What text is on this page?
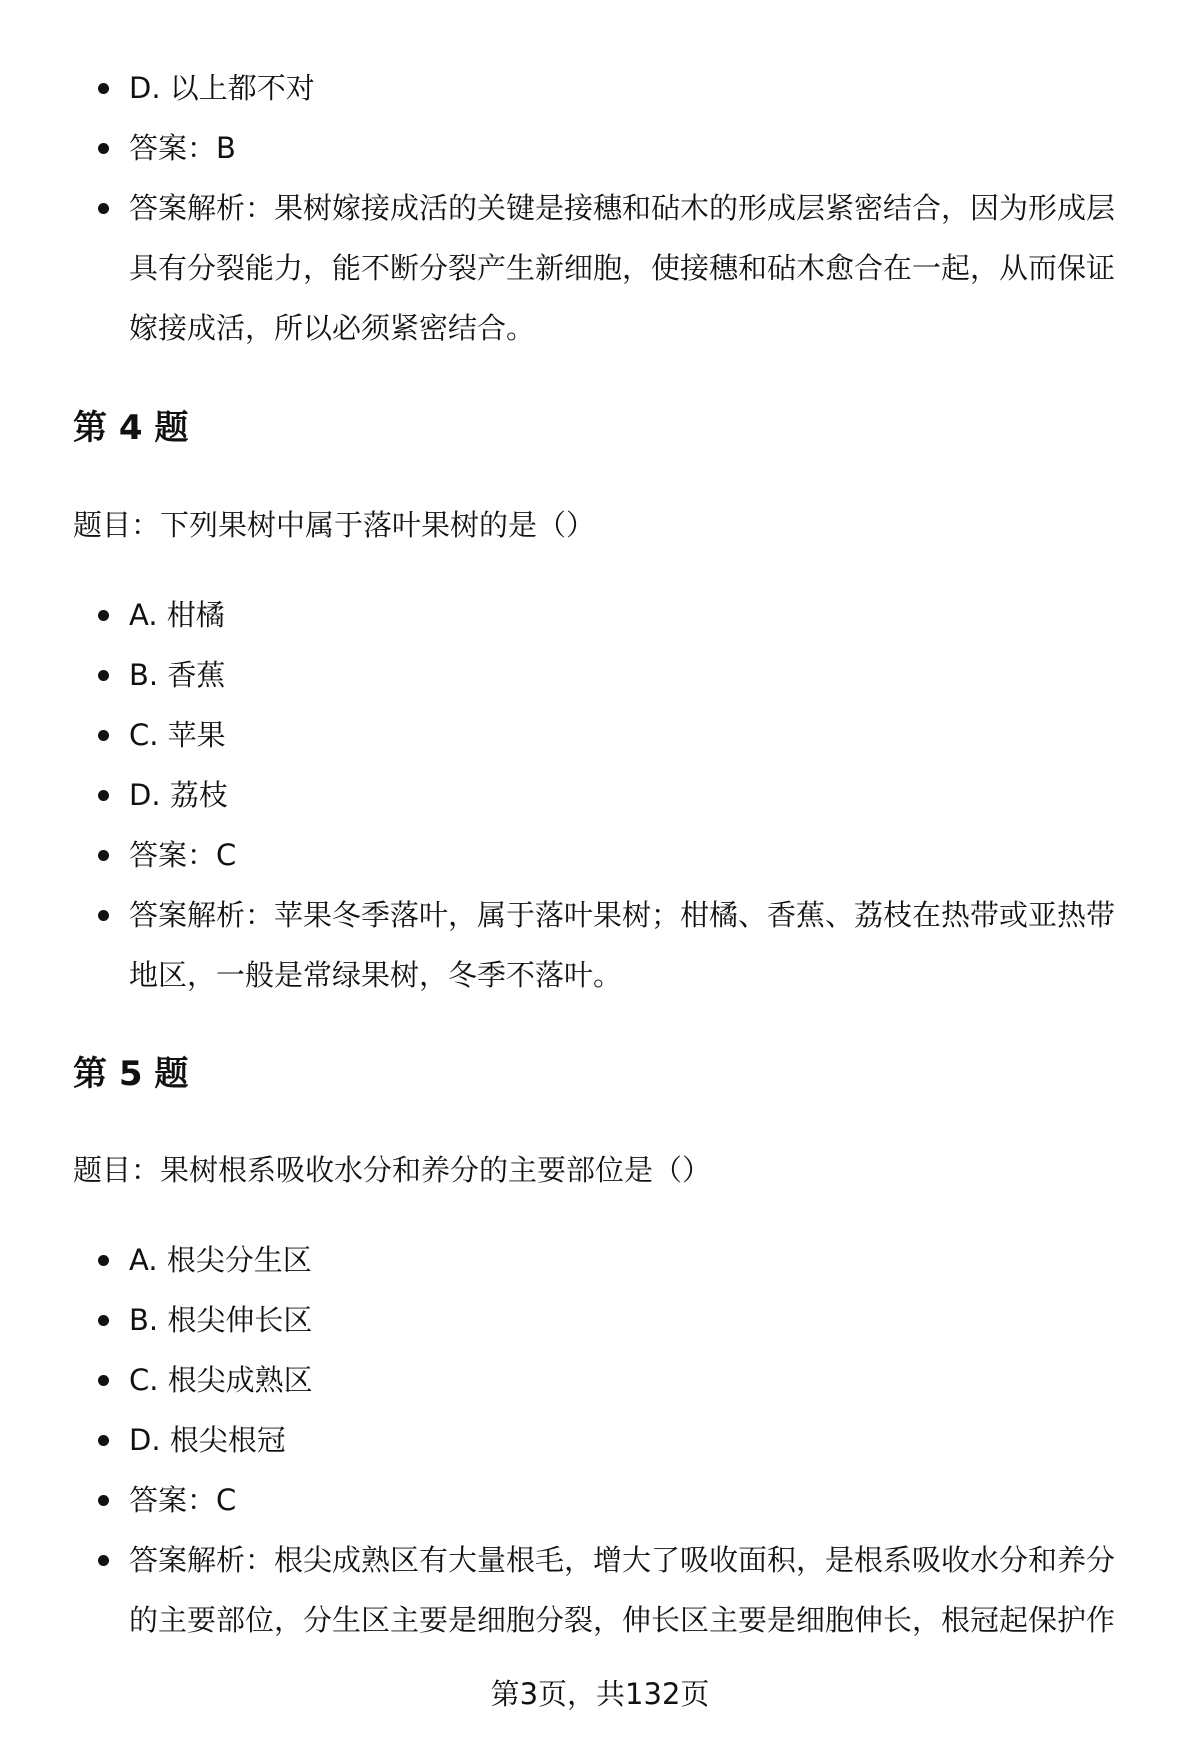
D. 以上都不对
答案：B
答案解析：果树嫁接成活的关键是接穗和砧木的形成层紧密结合，因为形成层具有分裂能力，能不断分裂产生新细胞，使接穗和砧木愈合在一起，从而保证嫁接成活，所以必须紧密结合。
第 4 题
题目：下列果树中属于落叶果树的是（）
A. 柑橘
B. 香蕉
C. 苹果
D. 荔枝
答案：C
答案解析：苹果冬季落叶，属于落叶果树；柑橘、香蕉、荔枝在热带或亚热带地区，一般是常绿果树，冬季不落叶。
第 5 题
题目：果树根系吸收水分和养分的主要部位是（）
A. 根尖分生区
B. 根尖伸长区
C. 根尖成熟区
D. 根尖根冠
答案：C
答案解析：根尖成熟区有大量根毛，增大了吸收面积，是根系吸收水分和养分的主要部位，分生区主要是细胞分裂，伸长区主要是细胞伸长，根冠起保护作
第3页，共132页
